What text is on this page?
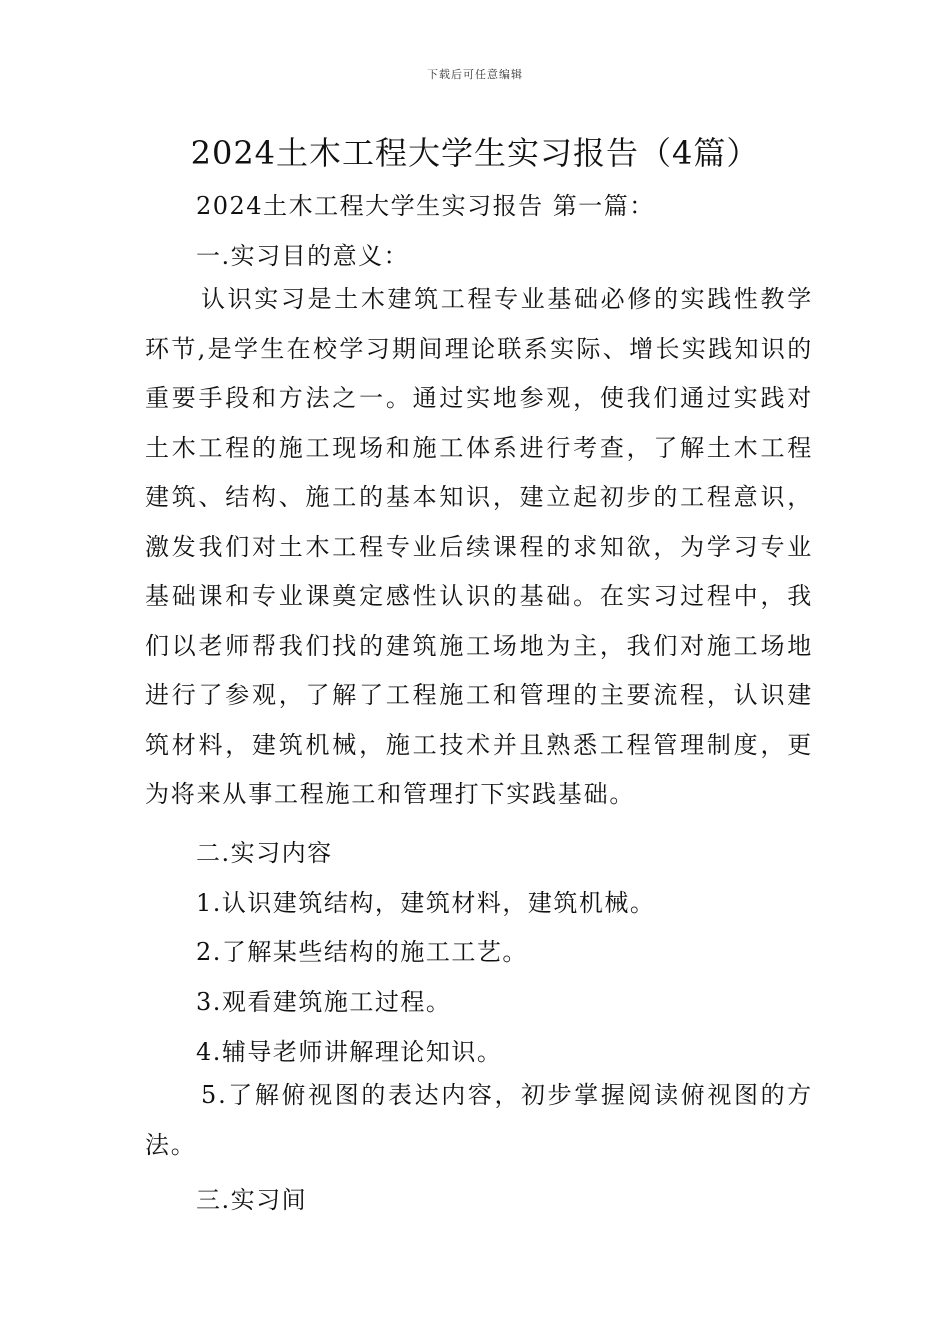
下载后可任意编辑
2024土木工程大学生实习报告（4篇）
2024土木工程大学生实习报告 第一篇：
一.实习目的意义：

认识实习是土木建筑工程专业基础必修的实践性教学环节,是学生在校学习期间理论联系实际、增长实践知识的重要手段和方法之一。通过实地参观，使我们通过实践对土木工程的施工现场和施工体系进行考查，了解土木工程建筑、结构、施工的基本知识，建立起初步的工程意识，激发我们对土木工程专业后续课程的求知欲，为学习专业基础课和专业课奠定感性认识的基础。在实习过程中，我们以老师帮我们找的建筑施工场地为主，我们对施工场地进行了参观，了解了工程施工和管理的主要流程，认识建筑材料，建筑机械，施工技术并且熟悉工程管理制度，更为将来从事工程施工和管理打下实践基础。

二.实习内容
1.认识建筑结构，建筑材料，建筑机械。
2.了解某些结构的施工工艺。
3.观看建筑施工过程。
4.辅导老师讲解理论知识。

5.了解俯视图的表达内容，初步掌握阅读俯视图的方法。

三.实习间
